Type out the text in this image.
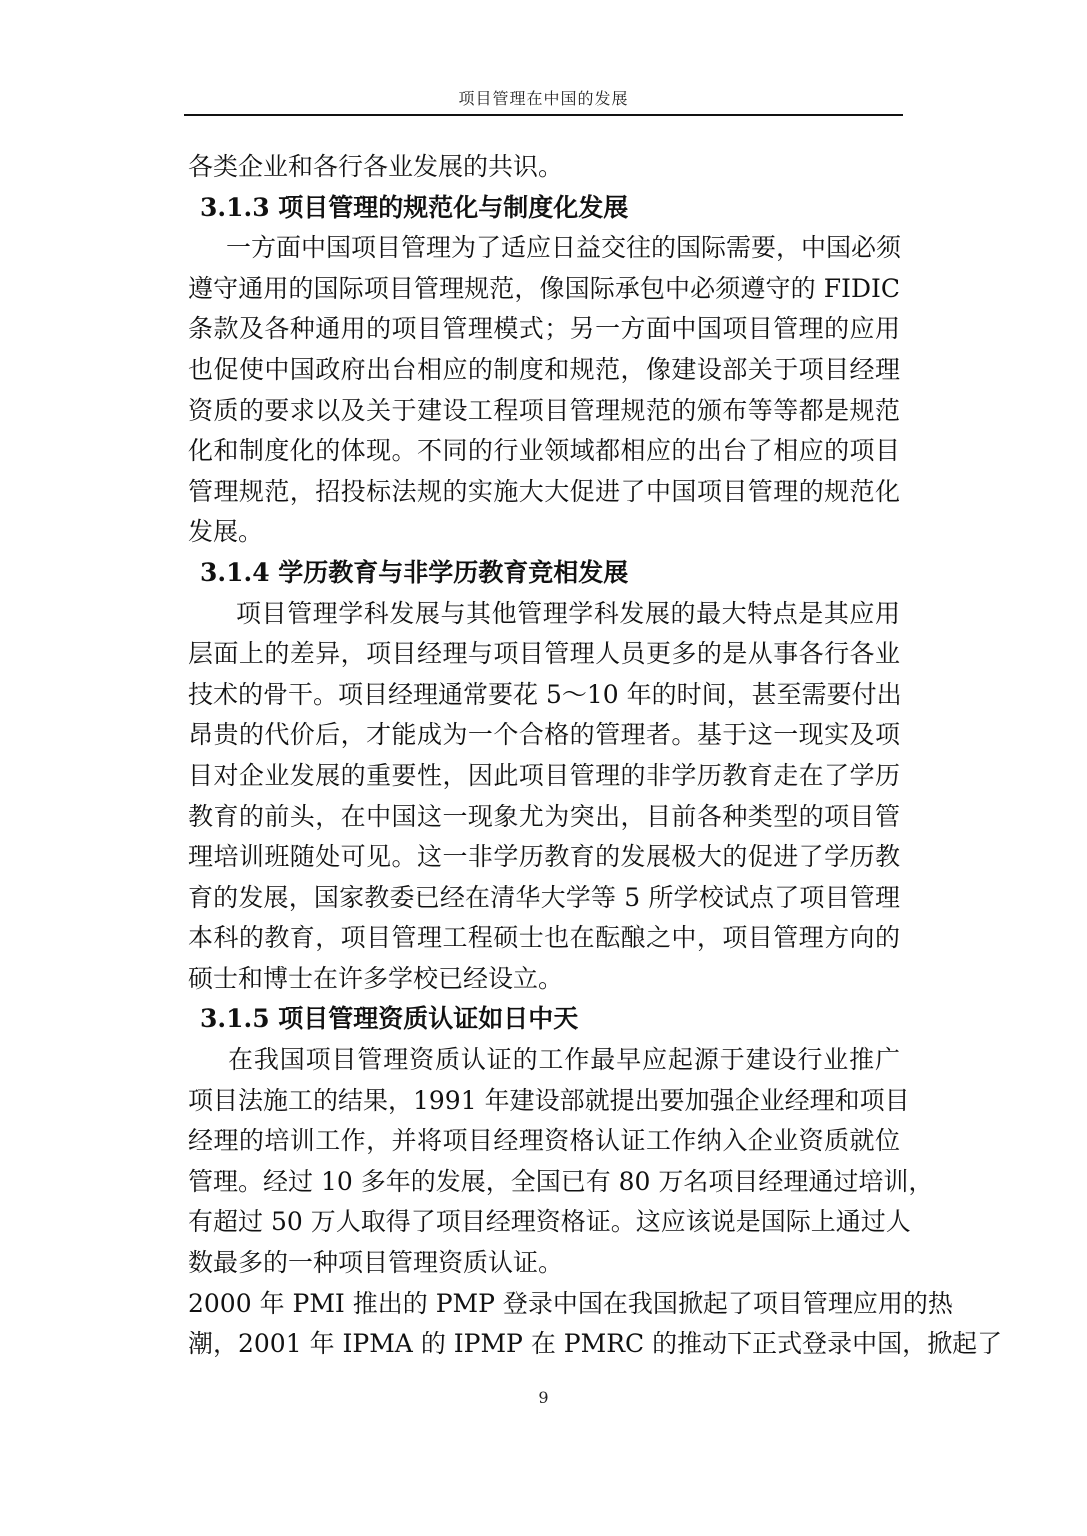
项目管理在中国的发展
各类企业和各行各业发展的共识。
3.1.3 项目管理的规范化与制度化发展
一方面中国项目管理为了适应日益交往的国际需要，中国必须
遵守通用的国际项目管理规范，像国际承包中必须遵守的 FIDIC
条款及各种通用的项目管理模式；另一方面中国项目管理的应用
也促使中国政府出台相应的制度和规范，像建设部关于项目经理
资质的要求以及关于建设工程项目管理规范的颁布等等都是规范
化和制度化的体现。不同的行业领域都相应的出台了相应的项目
管理规范，招投标法规的实施大大促进了中国项目管理的规范化
发展。
3.1.4 学历教育与非学历教育竞相发展
项目管理学科发展与其他管理学科发展的最大特点是其应用
层面上的差异，项目经理与项目管理人员更多的是从事各行各业
技术的骨干。项目经理通常要花 5～10 年的时间，甚至需要付出
昂贵的代价后，才能成为一个合格的管理者。基于这一现实及项
目对企业发展的重要性，因此项目管理的非学历教育走在了学历
教育的前头，在中国这一现象尤为突出，目前各种类型的项目管
理培训班随处可见。这一非学历教育的发展极大的促进了学历教
育的发展，国家教委已经在清华大学等 5 所学校试点了项目管理
本科的教育，项目管理工程硕士也在酝酿之中，项目管理方向的
硕士和博士在许多学校已经设立。
3.1.5 项目管理资质认证如日中天
在我国项目管理资质认证的工作最早应起源于建设行业推广
项目法施工的结果，1991 年建设部就提出要加强企业经理和项目
经理的培训工作，并将项目经理资格认证工作纳入企业资质就位
管理。经过 10 多年的发展，全国已有 80 万名项目经理通过培训，
有超过 50 万人取得了项目经理资格证。这应该说是国际上通过人
数最多的一种项目管理资质认证。
2000 年 PMI 推出的 PMP 登录中国在我国掀起了项目管理应用的热
潮，2001 年 IPMA 的 IPMP 在 PMRC 的推动下正式登录中国，掀起了
9
